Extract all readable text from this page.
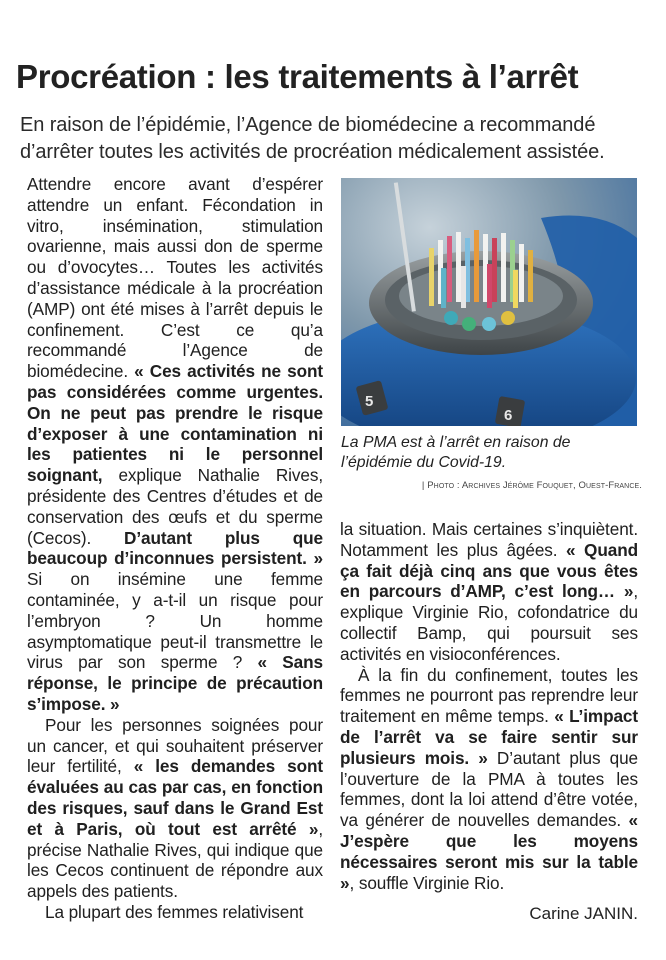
Procréation : les traitements à l’arrêt

En raison de l’épidémie, l’Agence de biomédecine a recommandé d’arrêter toutes les activités de procréation médicalement assistée.

Attendre encore avant d’espérer attendre un enfant. Fécondation in vitro, insémination, stimulation ovarienne, mais aussi don de sperme ou d’ovocytes… Toutes les activités d’assistance médicale à la procréation (AMP) ont été mises à l’arrêt depuis le confinement. C’est ce qu’a recommandé l’Agence de biomédecine. « Ces activités ne sont pas considérées comme urgentes. On ne peut pas prendre le risque d’exposer à une contamination ni les patientes ni le personnel soignant, explique Nathalie Rives, présidente des Centres d’études et de conservation des œufs et du sperme (Cecos). D’autant plus que beaucoup d’inconnues persistent. » Si on insémine une femme contaminée, y a-t-il un risque pour l’embryon ? Un homme asymptomatique peut-il transmettre le virus par son sperme ? « Sans réponse, le principe de précaution s’impose. »

Pour les personnes soignées pour un cancer, et qui souhaitent préserver leur fertilité, « les demandes sont évaluées au cas par cas, en fonction des risques, sauf dans le Grand Est et à Paris, où tout est arrêté », précise Nathalie Rives, qui indique que les Cecos continuent de répondre aux appels des patients.

La plupart des femmes relativisent

5
6

La PMA est à l’arrêt en raison de l’épidémie du Covid-19.

| Photo : Archives Jérôme Fouquet, Ouest-France.

la situation. Mais certaines s’inquiètent. Notamment les plus âgées. « Quand ça fait déjà cinq ans que vous êtes en parcours d’AMP, c’est long… », explique Virginie Rio, cofondatrice du collectif Bamp, qui poursuit ses activités en visioconférences.

À la fin du confinement, toutes les femmes ne pourront pas reprendre leur traitement en même temps. « L’impact de l’arrêt va se faire sentir sur plusieurs mois. » D’autant plus que l’ouverture de la PMA à toutes les femmes, dont la loi attend d’être votée, va générer de nouvelles demandes. « J’espère que les moyens nécessaires seront mis sur la table », souffle Virginie Rio.

Carine JANIN.
